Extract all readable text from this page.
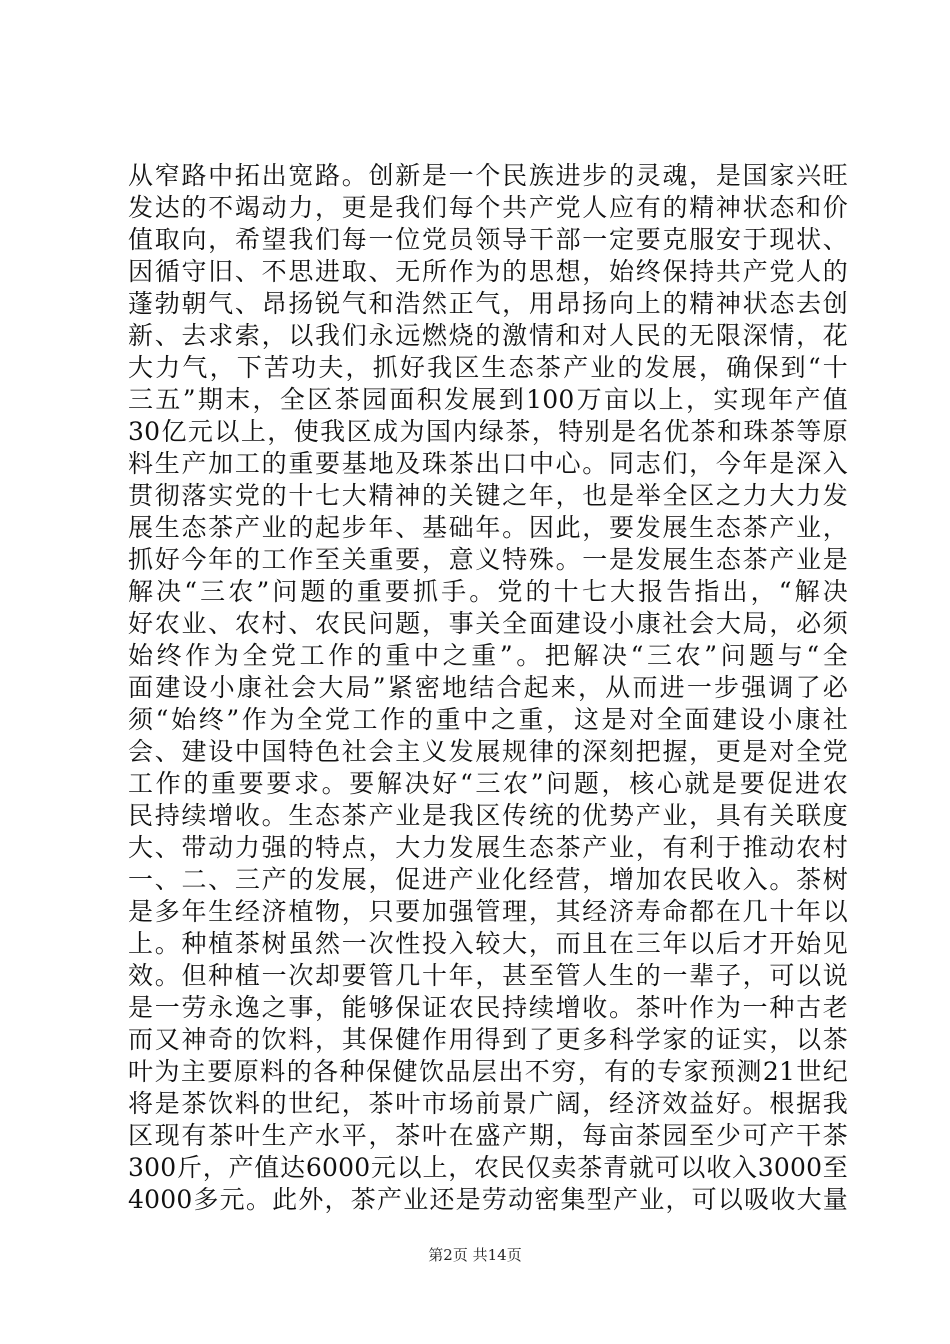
从窄路中拓出宽路。创新是一个民族进步的灵魂，是国家兴旺
发达的不竭动力，更是我们每个共产党人应有的精神状态和价
值取向，希望我们每一位党员领导干部一定要克服安于现状、
因循守旧、不思进取、无所作为的思想，始终保持共产党人的
蓬勃朝气、昂扬锐气和浩然正气，用昂扬向上的精神状态去创
新、去求索，以我们永远燃烧的激情和对人民的无限深情，花
大力气，下苦功夫，抓好我区生态茶产业的发展，确保到“十
三五”期末，全区茶园面积发展到100万亩以上，实现年产值
30亿元以上，使我区成为国内绿茶，特别是名优茶和珠茶等原
料生产加工的重要基地及珠茶出口中心。同志们，今年是深入
贯彻落实党的十七大精神的关键之年，也是举全区之力大力发
展生态茶产业的起步年、基础年。因此，要发展生态茶产业，
抓好今年的工作至关重要，意义特殊。一是发展生态茶产业是
解决“三农”问题的重要抓手。党的十七大报告指出，“解决
好农业、农村、农民问题，事关全面建设小康社会大局，必须
始终作为全党工作的重中之重”。把解决“三农”问题与“全
面建设小康社会大局”紧密地结合起来，从而进一步强调了必
须“始终”作为全党工作的重中之重，这是对全面建设小康社
会、建设中国特色社会主义发展规律的深刻把握，更是对全党
工作的重要要求。要解决好“三农”问题，核心就是要促进农
民持续增收。生态茶产业是我区传统的优势产业，具有关联度
大、带动力强的特点，大力发展生态茶产业，有利于推动农村
一、二、三产的发展，促进产业化经营，增加农民收入。茶树
是多年生经济植物，只要加强管理，其经济寿命都在几十年以
上。种植茶树虽然一次性投入较大，而且在三年以后才开始见
效。但种植一次却要管几十年，甚至管人生的一辈子，可以说
是一劳永逸之事，能够保证农民持续增收。茶叶作为一种古老
而又神奇的饮料，其保健作用得到了更多科学家的证实，以茶
叶为主要原料的各种保健饮品层出不穷，有的专家预测21世纪
将是茶饮料的世纪，茶叶市场前景广阔，经济效益好。根据我
区现有茶叶生产水平，茶叶在盛产期，每亩茶园至少可产干茶
300斤，产值达6000元以上，农民仅卖茶青就可以收入3000至
4000多元。此外，茶产业还是劳动密集型产业，可以吸收大量
第2页 共14页
